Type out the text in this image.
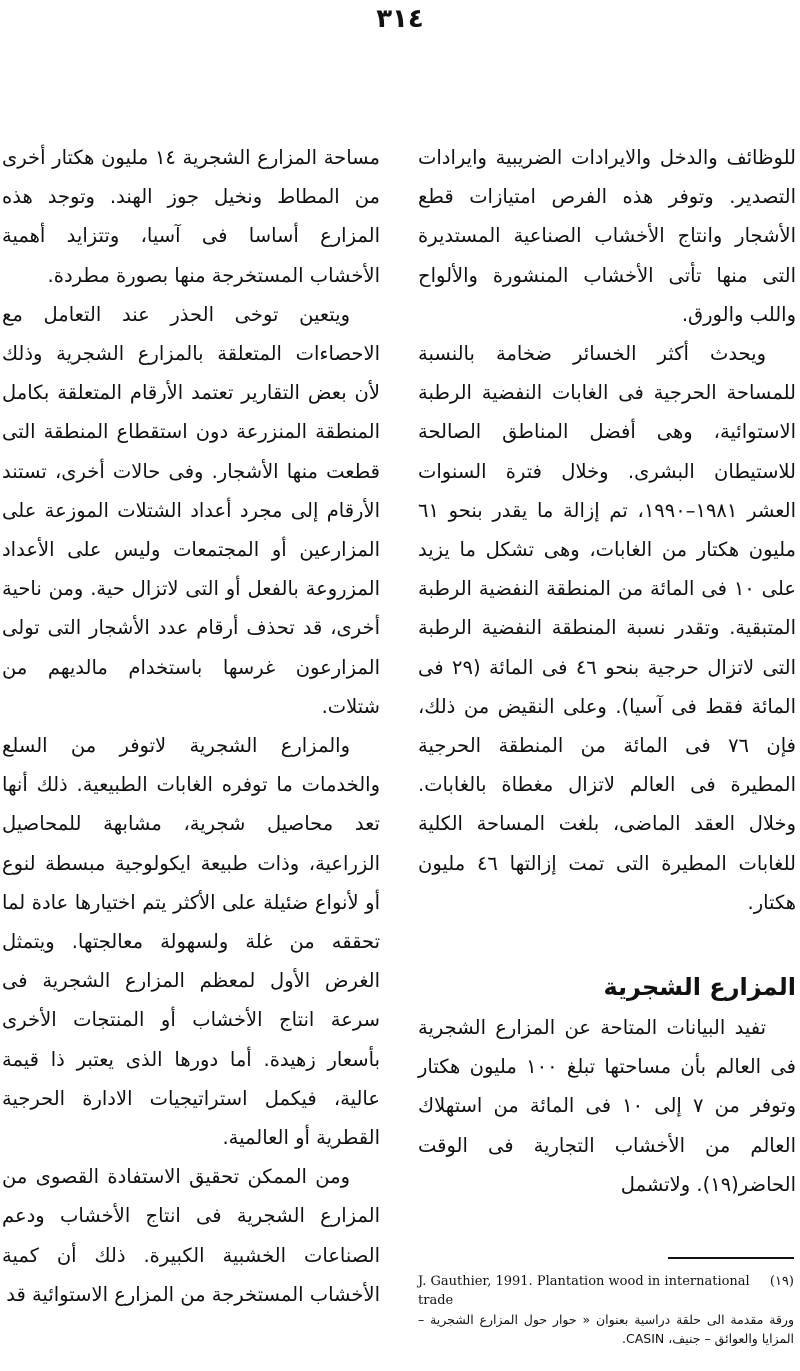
٣١٤

للوظائف والدخل والايرادات الضريبية وايرادات التصدير. وتوفر هذه الفرص امتيازات قطع الأشجار وانتاج الأخشاب الصناعية المستديرة التى منها تأتى الأخشاب المنشورة والألواح واللب والورق.

ويحدث أكثر الخسائر ضخامة بالنسبة للمساحة الحرجية فى الغابات النفضية الرطبة الاستوائية، وهى أفضل المناطق الصالحة للاستيطان البشرى. وخلال فترة السنوات العشر ١٩٨١–١٩٩٠، تم إزالة ما يقدر بنحو ٦١ مليون هكتار من الغابات، وهى تشكل ما يزيد على ١٠ فى المائة من المنطقة النفضية الرطبة المتبقية. وتقدر نسبة المنطقة النفضية الرطبة التى لاتزال حرجية بنحو ٤٦ فى المائة (٢٩ فى المائة فقط فى آسيا). وعلى النقيض من ذلك، فإن ٧٦ فى المائة من المنطقة الحرجية المطيرة فى العالم لاتزال مغطاة بالغابات. وخلال العقد الماضى، بلغت المساحة الكلية للغابات المطيرة التى تمت إزالتها ٤٦ مليون هكتار.

المزارع الشجرية

تفيد البيانات المتاحة عن المزارع الشجرية فى العالم بأن مساحتها تبلغ ١٠٠ مليون هكتار وتوفر من ٧ إلى ١٠ فى المائة من استهلاك العالم من الأخشاب التجارية فى الوقت الحاضر(١٩). ولاتشمل

مساحة المزارع الشجرية ١٤ مليون هكتار أخرى من المطاط ونخيل جوز الهند. وتوجد هذه المزارع أساسا فى آسيا، وتتزايد أهمية الأخشاب المستخرجة منها بصورة مطردة.

ويتعين توخى الحذر عند التعامل مع الاحصاءات المتعلقة بالمزارع الشجرية وذلك لأن بعض التقارير تعتمد الأرقام المتعلقة بكامل المنطقة المنزرعة دون استقطاع المنطقة التى قطعت منها الأشجار. وفى حالات أخرى، تستند الأرقام إلى مجرد أعداد الشتلات الموزعة على المزارعين أو المجتمعات وليس على الأعداد المزروعة بالفعل أو التى لاتزال حية. ومن ناحية أخرى، قد تحذف أرقام عدد الأشجار التى تولى المزارعون غرسها باستخدام مالديهم من شتلات.

والمزارع الشجرية لاتوفر من السلع والخدمات ما توفره الغابات الطبيعية. ذلك أنها تعد محاصيل شجرية، مشابهة للمحاصيل الزراعية، وذات طبيعة ايكولوجية مبسطة لنوع أو لأنواع ضئيلة على الأكثر يتم اختيارها عادة لما تحققه من غلة ولسهولة معالجتها. ويتمثل الغرض الأول لمعظم المزارع الشجرية فى سرعة انتاج الأخشاب أو المنتجات الأخرى بأسعار زهيدة. أما دورها الذى يعتبر ذا قيمة عالية، فيكمل استراتيجيات الادارة الحرجية القطرية أو العالمية.

ومن الممكن تحقيق الاستفادة القصوى من المزارع الشجرية فى انتاج الأخشاب ودعم الصناعات الخشبية الكبيرة. ذلك أن كمية الأخشاب المستخرجة من المزارع الاستوائية قد

(١٩)
J. Gauthier, 1991. Plantation wood in international trade
ورقة مقدمة الى حلقة دراسية بعنوان « حوار حول المزارع الشجرية – المزايا والعوائق – جنيف، CASIN.
